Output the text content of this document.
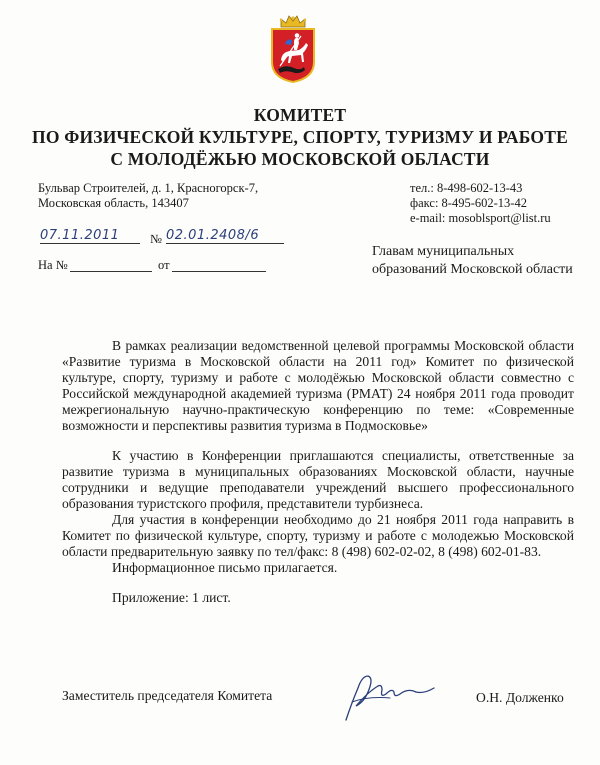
КОМИТЕТ
ПО ФИЗИЧЕСКОЙ КУЛЬТУРЕ, СПОРТУ, ТУРИЗМУ И РАБОТЕ
С МОЛОДЁЖЬЮ МОСКОВСКОЙ ОБЛАСТИ
Бульвар Строителей, д. 1, Красногорск-7,
Московская область, 143407
тел.: 8-498-602-13-43
факс: 8-495-602-13-42
e-mail: mosoblsport@list.ru
07.11.2011	№ 02.01.2408/6
На №	от
Главам муниципальных
образований Московской области

В рамках реализации ведомственной целевой программы Московской области «Развитие туризма в Московской области на 2011 год» Комитет по физической культуре, спорту, туризму и работе с молодёжью Московской области совместно с Российской международной академией туризма (РМАТ) 24 ноября 2011 года проводит межрегиональную научно-практическую конференцию по теме: «Современные возможности и перспективы развития туризма в Подмосковье»

К участию в Конференции приглашаются специалисты, ответственные за развитие туризма в муниципальных образованиях Московской области, научные сотрудники и ведущие преподаватели учреждений высшего профессионального образования туристского профиля, представители турбизнеса.

Для участия в конференции необходимо до 21 ноября 2011 года направить в Комитет по физической культуре, спорту, туризму и работе с молодежью Московской области предварительную заявку по тел/факс: 8 (498) 602-02-02, 8 (498) 602-01-83.

Информационное письмо прилагается.

Приложение: 1 лист.

Заместитель председателя Комитета	О.Н. Долженко
